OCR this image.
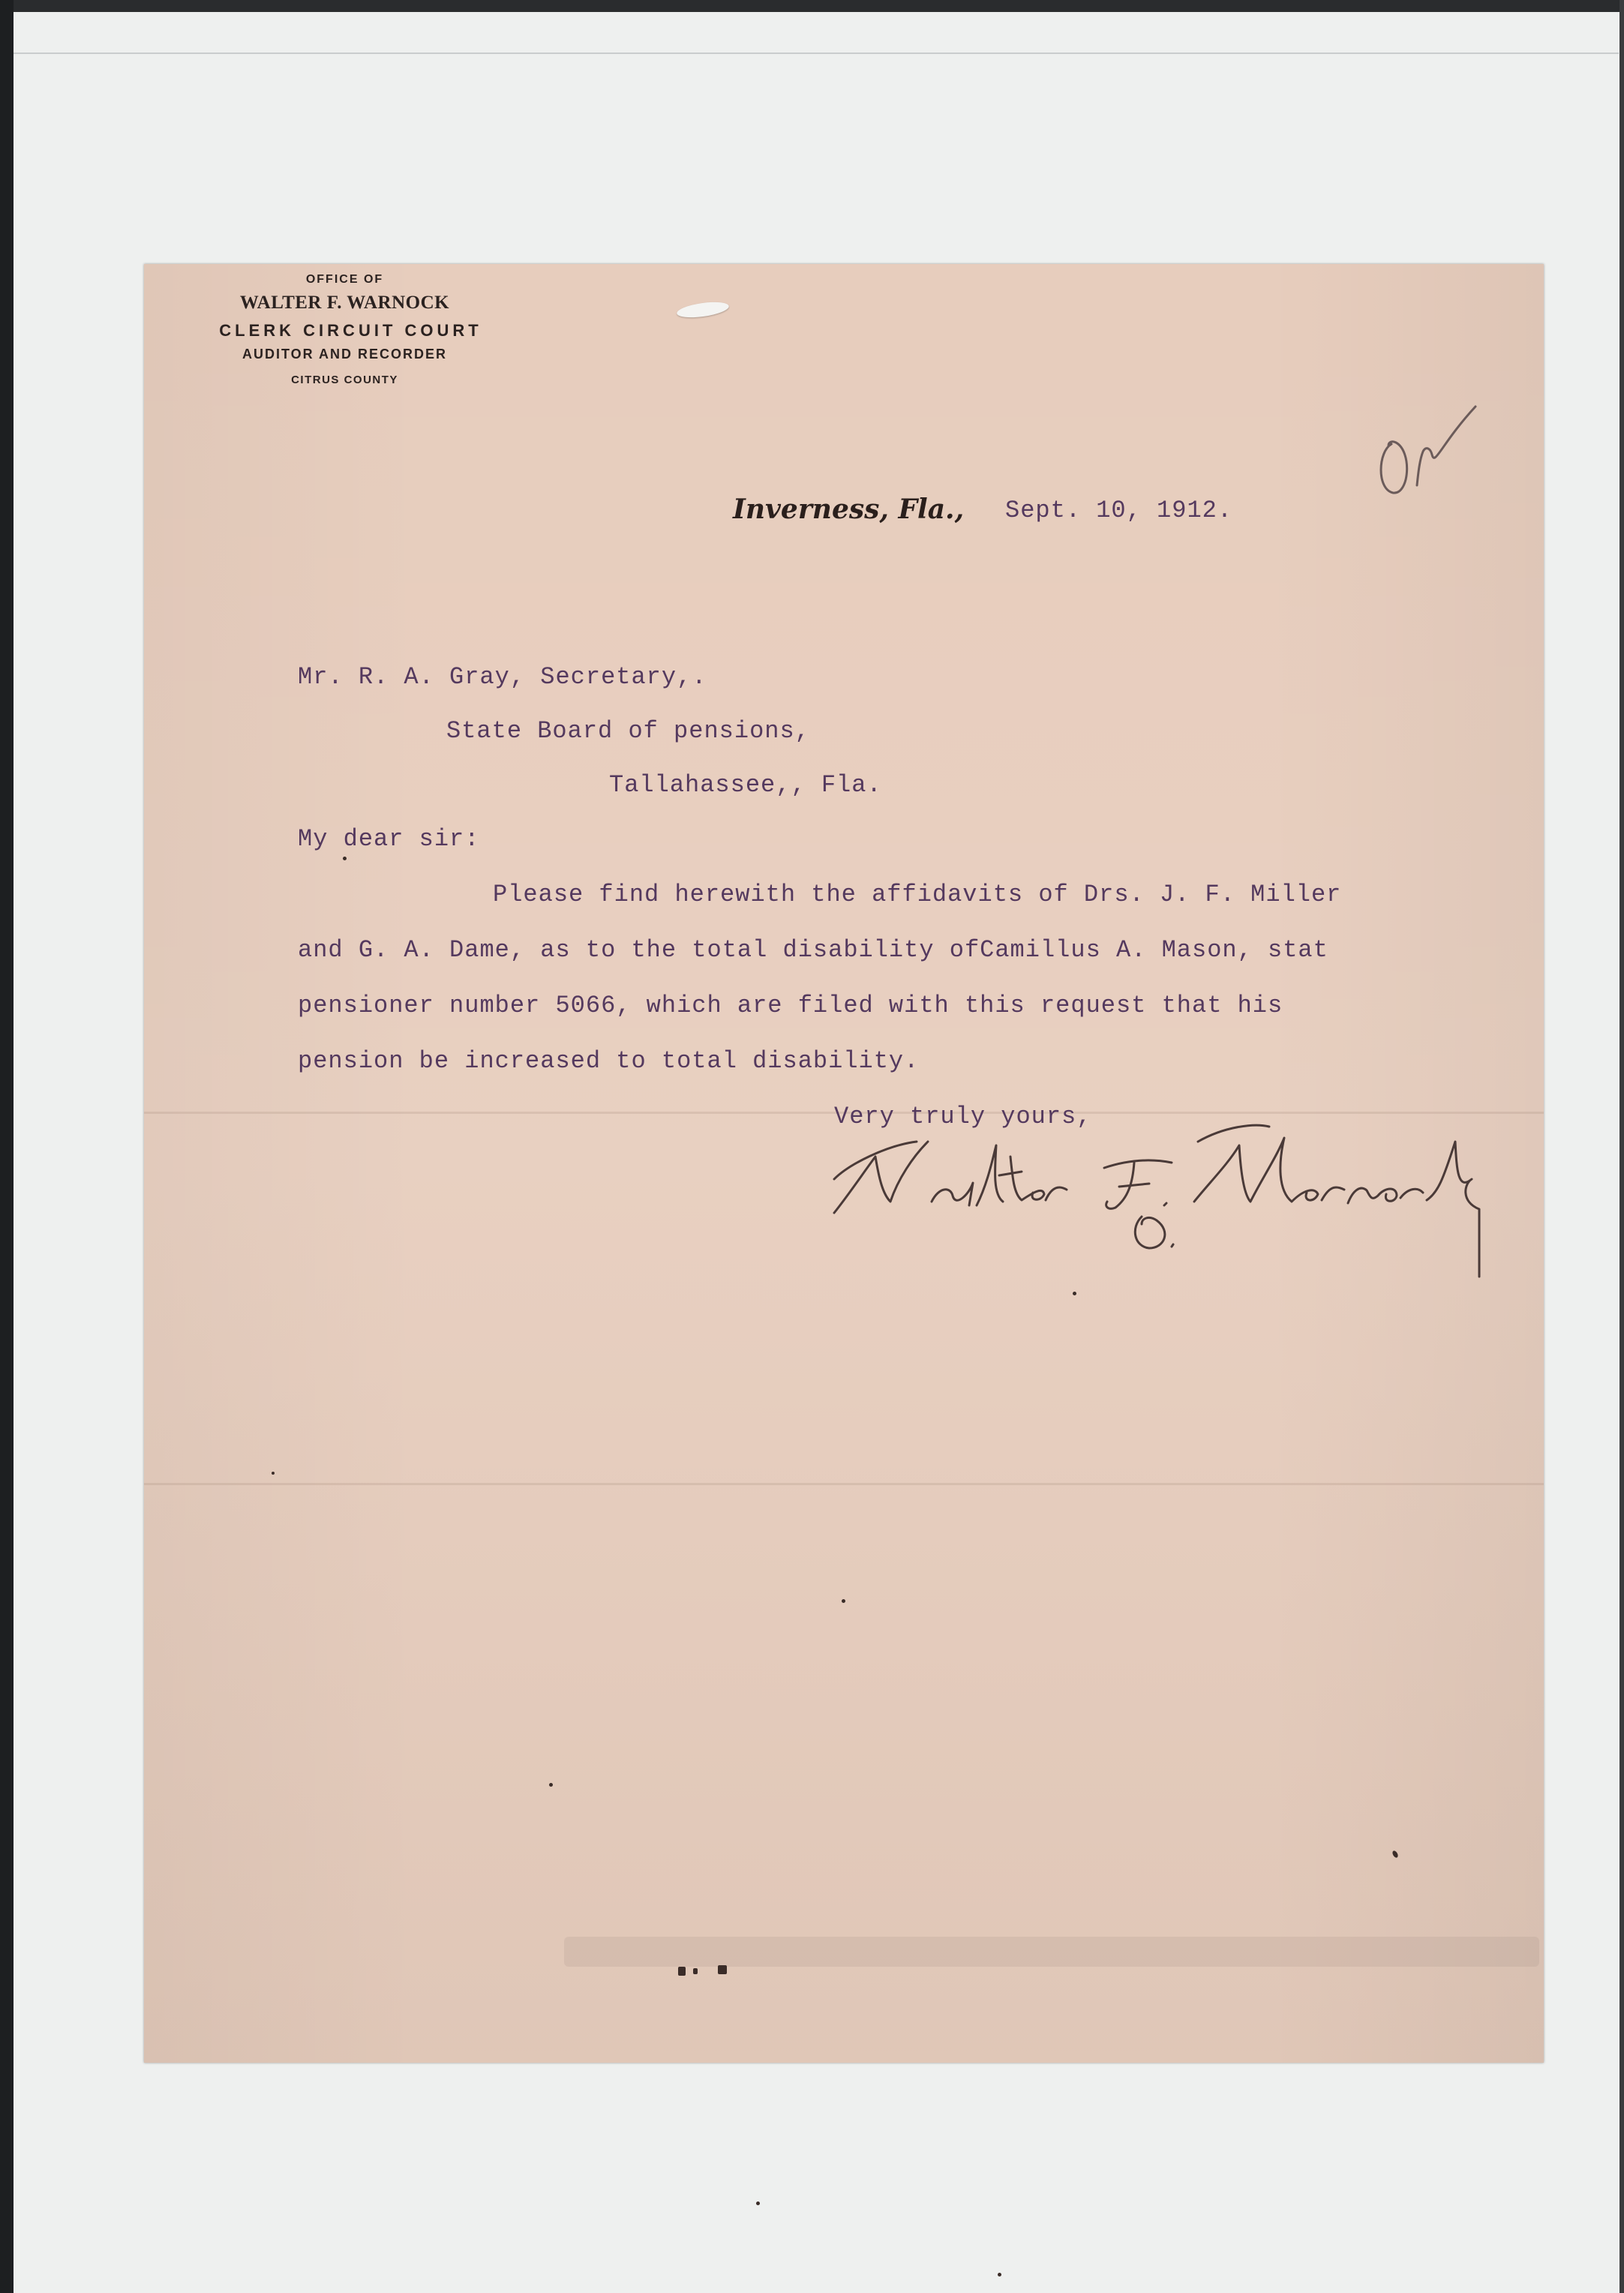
OFFICE OF
WALTER F. WARNOCK
CLERK CIRCUIT COURT
AUDITOR AND RECORDER
CITRUS COUNTY
Inverness, Fla., Sept. 10, 1912.
Mr. R. A. Gray, Secretary,.
State Board of pensions,
Tallahassee,, Fla.
My dear sir:
Please find herewith the affidavits of Drs. J. F. Miller
and G. A. Dame, as to the total disability ofCamillus A. Mason, stat
pensioner number 5066, which are filed with this request that his
pension be increased to total disability.
Very truly yours,
